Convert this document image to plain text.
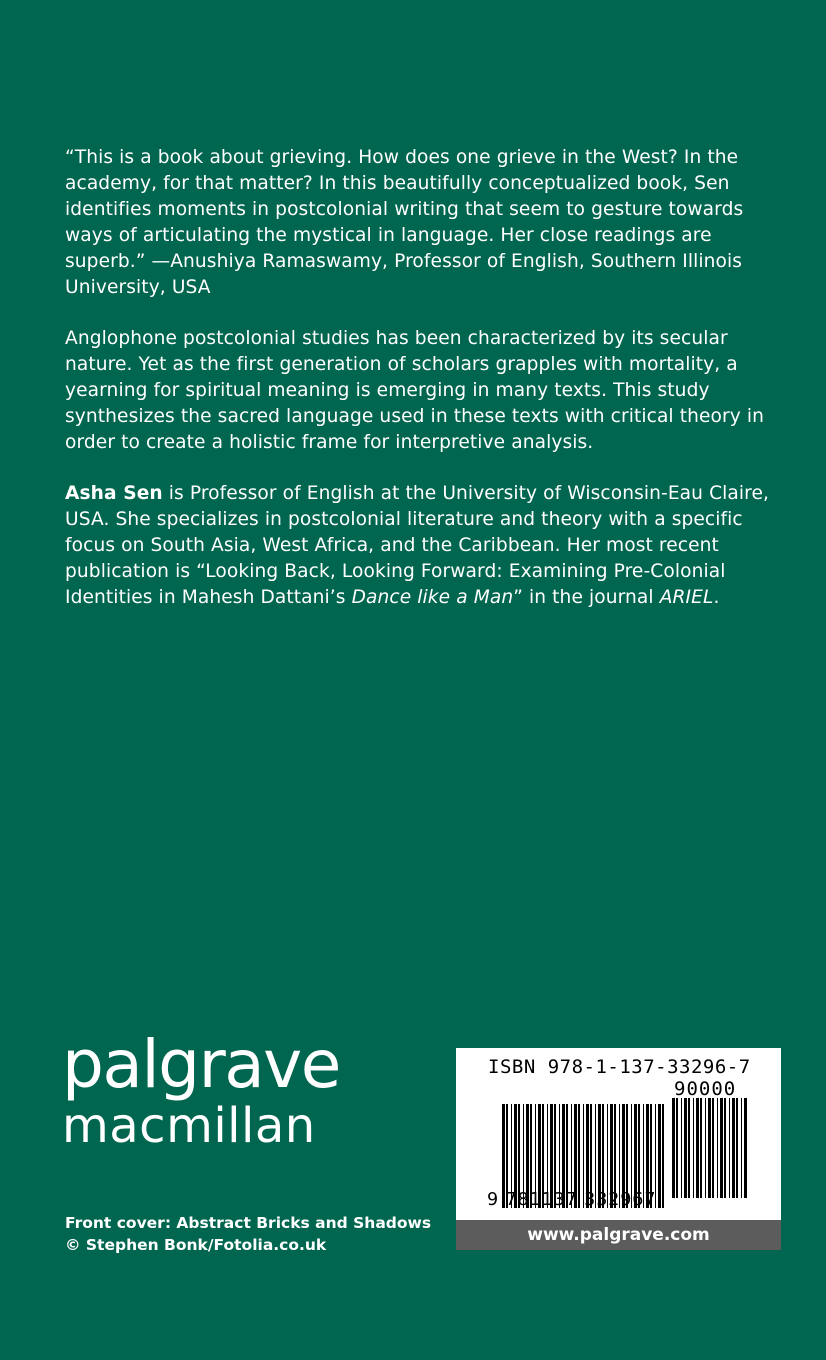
“This is a book about grieving. How does one grieve in the West? In the academy, for that matter? In this beautifully conceptualized book, Sen identifies moments in postcolonial writing that seem to gesture towards ways of articulating the mystical in language. Her close readings are superb.” —Anushiya Ramaswamy, Professor of English, Southern Illinois University, USA

Anglophone postcolonial studies has been characterized by its secular nature. Yet as the first generation of scholars grapples with mortality, a yearning for spiritual meaning is emerging in many texts. This study synthesizes the sacred language used in these texts with critical theory in order to create a holistic frame for interpretive analysis.

Asha Sen is Professor of English at the University of Wisconsin-Eau Claire, USA. She specializes in postcolonial literature and theory with a specific focus on South Asia, West Africa, and the Caribbean. Her most recent publication is “Looking Back, Looking Forward: Examining Pre-Colonial Identities in Mahesh Dattani’s Dance like a Man” in the journal ARIEL.

palgrave
macmillan
Front cover: Abstract Bricks and Shadows
© Stephen Bonk/Fotolia.co.uk
ISBN 978-1-137-33296-7
90000
9 781137 332967
www.palgrave.com
